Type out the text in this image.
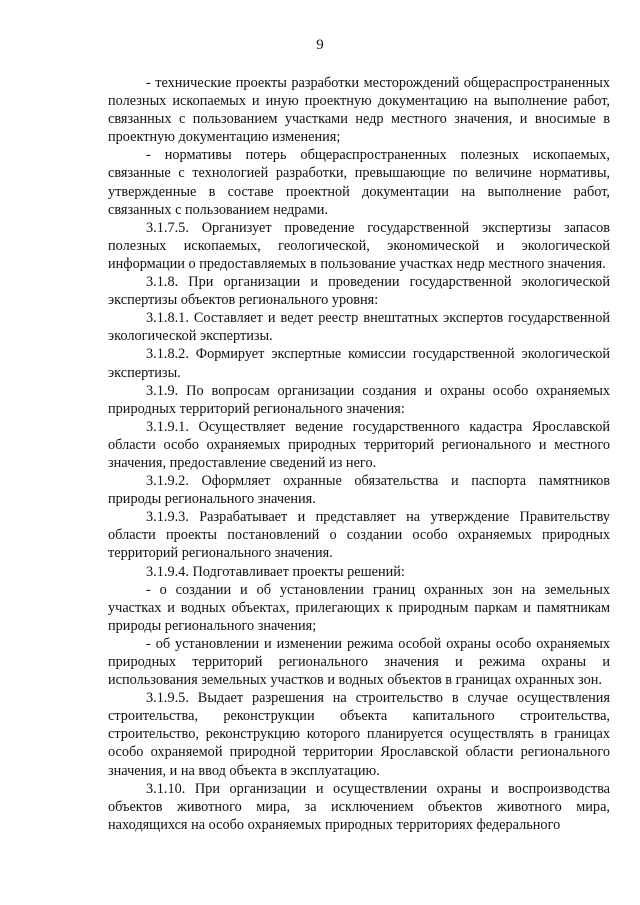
9

- технические проекты разработки месторождений общераспространенных полезных ископаемых и иную проектную документацию на выполнение работ, связанных с пользованием участками недр местного значения, и вносимые в проектную документацию изменения;

- нормативы потерь общераспространенных полезных ископаемых, связанные с технологией разработки, превышающие по величине нормативы, утвержденные в составе проектной документации на выполнение работ, связанных с пользованием недрами.

3.1.7.5. Организует проведение государственной экспертизы запасов полезных ископаемых, геологической, экономической и экологической информации о предоставляемых в пользование участках недр местного значения.

3.1.8. При организации и проведении государственной экологической экспертизы объектов регионального уровня:

3.1.8.1. Составляет и ведет реестр внештатных экспертов государственной экологической экспертизы.

3.1.8.2. Формирует экспертные комиссии государственной экологической экспертизы.

3.1.9. По вопросам организации создания и охраны особо охраняемых природных территорий регионального значения:

3.1.9.1. Осуществляет ведение государственного кадастра Ярославской области особо охраняемых природных территорий регионального и местного значения, предоставление сведений из него.

3.1.9.2. Оформляет охранные обязательства и паспорта памятников природы регионального значения.

3.1.9.3. Разрабатывает и представляет на утверждение Правительству области проекты постановлений о создании особо охраняемых природных территорий регионального значения.

3.1.9.4. Подготавливает проекты решений:

- о создании и об установлении границ охранных зон на земельных участках и водных объектах, прилегающих к природным паркам и памятникам природы регионального значения;

- об установлении и изменении режима особой охраны особо охраняемых природных территорий регионального значения и режима охраны и использования земельных участков и водных объектов в границах охранных зон.

3.1.9.5. Выдает разрешения на строительство в случае осуществления строительства, реконструкции объекта капитального строительства, строительство, реконструкцию которого планируется осуществлять в границах особо охраняемой природной территории Ярославской области регионального значения, и на ввод объекта в эксплуатацию.

3.1.10. При организации и осуществлении охраны и воспроизводства объектов животного мира, за исключением объектов животного мира, находящихся на особо охраняемых природных территориях федерального
